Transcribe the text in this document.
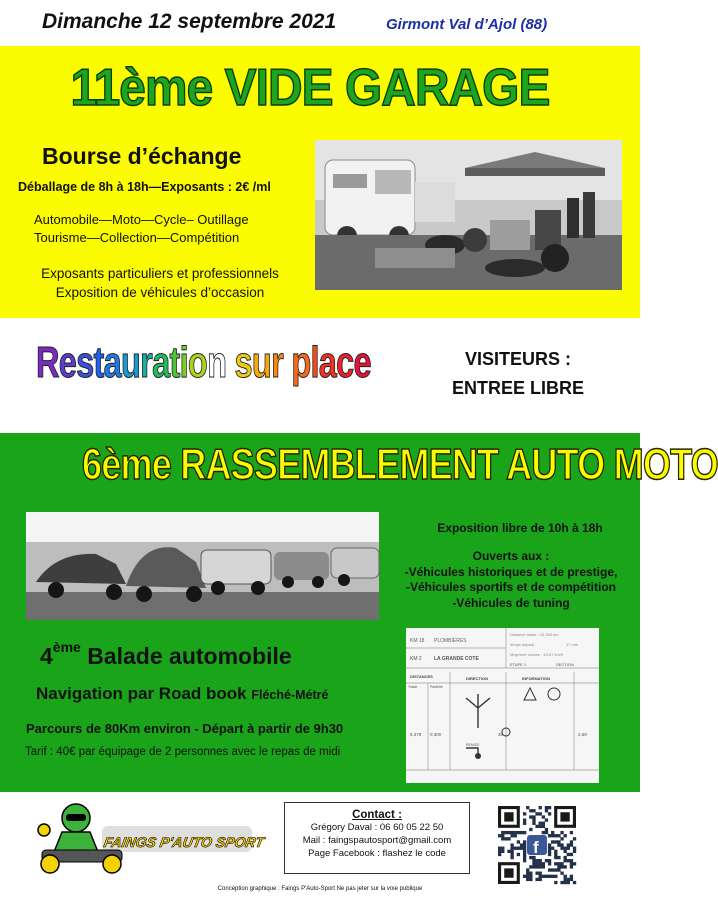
Dimanche 12 septembre 2021	Girmont Val d’Ajol (88)
11ème VIDE GARAGE
Bourse d’échange
Déballage de 8h à 18h—Exposants : 2€ /ml
Automobile—Moto—Cycle– Outillage
Tourisme—Collection—Compétition
Exposants particuliers et professionnels
Exposition de véhicules d’occasion
Restauration sur place	VISITEURS :
ENTREE LIBRE
6ème RASSEMBLEMENT AUTO MOTO
Exposition libre de 10h à 18h
Ouverts aux :
-Véhicules historiques et de prestige,
-Véhicules sportifs et de compétition
-Véhicules de tuning
4ème Balade automobile
Navigation par Road book Fléché-Métré
Parcours de 80Km environ - Départ à partir de 9h30
Tarif : 40€ par équipage de 2 personnes avec le repas de midi
KM 18 PLOMBIERES
KM 2 LA GRANDE COTE
Distance totale : 15.300 km
temps imparti :	17 min
Moyenne horaire : 43.07 km/h
ETAPE 1	SECTION
DISTANCES
Totale	Partielle
DIRECTION	INFORMATION
5,378 0,300	35	2,69
REMICE
FAINGS P'AUTO SPORT
Contact :
Grégory Daval : 06 60 05 22 50
Mail : faingspautosport@gmail.com
Page Facebook : flashez le code	f
Conception graphique : Faings P'Auto-Sport Ne pas jeter sur la voie publique
